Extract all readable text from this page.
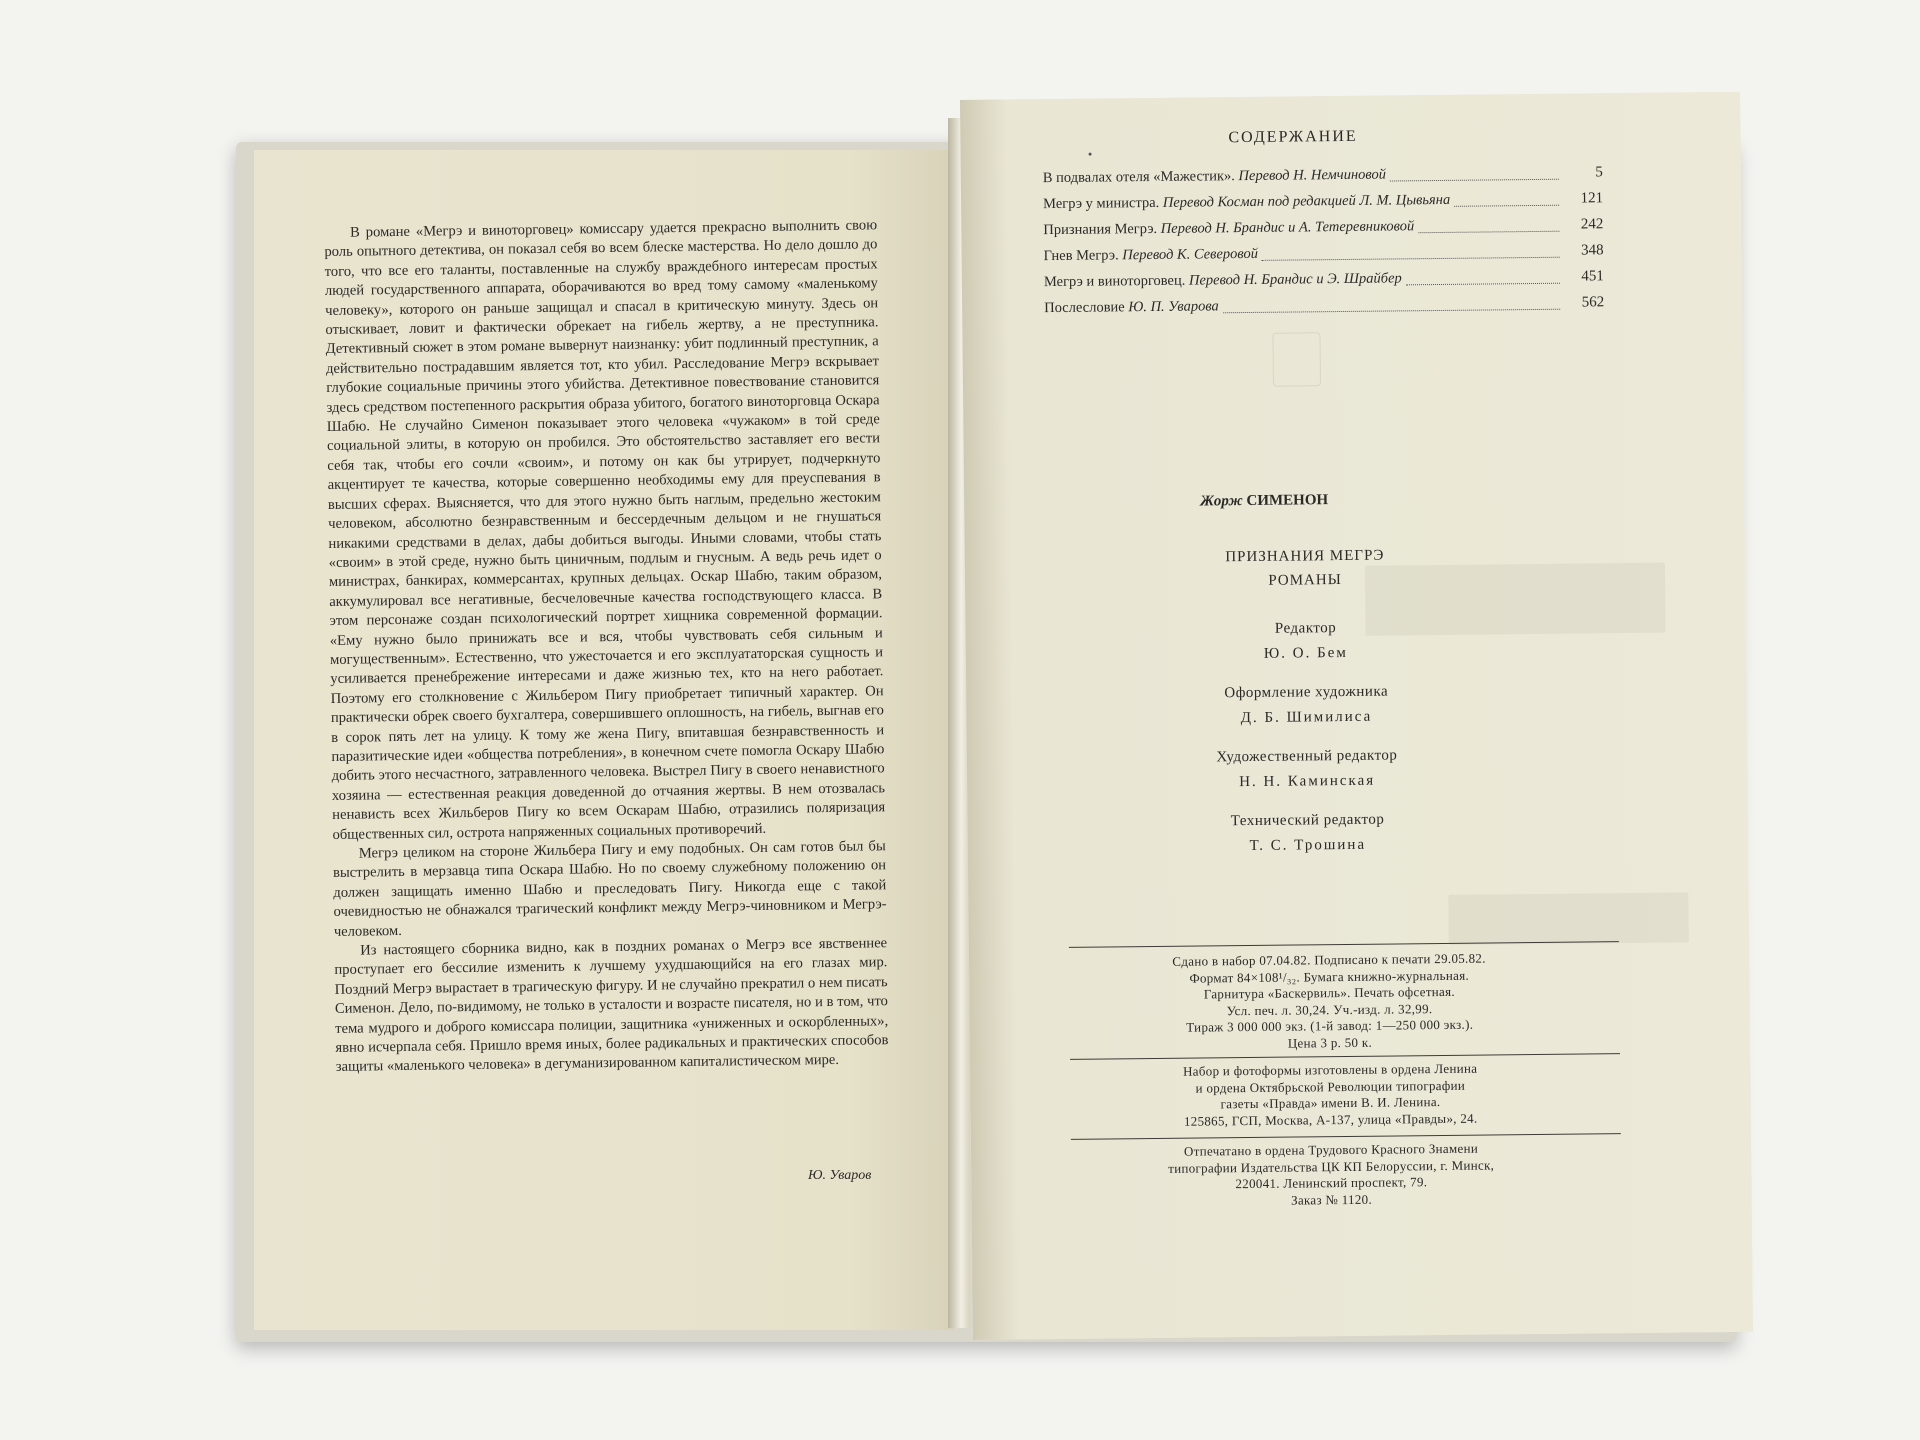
В романе «Мегрэ и виноторговец» комиссару удается прекрасно выполнить свою роль опытного детектива, он показал себя во всем блеске мастерства. Но дело дошло до того, что все его таланты, поставленные на службу враждебного интересам простых людей государственного аппарата, оборачиваются во вред тому самому «маленькому человеку», которого он раньше защищал и спасал в критическую минуту. Здесь он отыскивает, ловит и фактически обрекает на гибель жертву, а не преступника. Детективный сюжет в этом романе вывернут наизнанку: убит подлинный преступник, а действительно пострадавшим является тот, кто убил. Расследование Мегрэ вскрывает глубокие социальные причины этого убийства. Детективное повествование становится здесь средством постепенного раскрытия образа убитого, богатого виноторговца Оскара Шабю. Не случайно Сименон показывает этого человека «чужаком» в той среде социальной элиты, в которую он пробился. Это обстоятельство заставляет его вести себя так, чтобы его сочли «своим», и потому он как бы утрирует, подчеркнуто акцентирует те качества, которые совершенно необходимы ему для преуспевания в высших сферах. Выясняется, что для этого нужно быть наглым, предельно жестоким человеком, абсолютно безнравственным и бессердечным дельцом и не гнушаться никакими средствами в делах, дабы добиться выгоды. Иными словами, чтобы стать «своим» в этой среде, нужно быть циничным, подлым и гнусным. А ведь речь идет о министрах, банкирах, коммерсантах, крупных дельцах. Оскар Шабю, таким образом, аккумулировал все негативные, бесчеловечные качества господствующего класса. В этом персонаже создан психологический портрет хищника современной формации. «Ему нужно было принижать все и вся, чтобы чувствовать себя сильным и могущественным». Естественно, что ужесточается и его эксплуататорская сущность и усиливается пренебрежение интересами и даже жизнью тех, кто на него работает. Поэтому его столкновение с Жильбером Пигу приобретает типичный характер. Он практически обрек своего бухгалтера, совершившего оплошность, на гибель, выгнав его в сорок пять лет на улицу. К тому же жена Пигу, впитавшая безнравственность и паразитические идеи «общества потребления», в конечном счете помогла Оскару Шабю добить этого несчастного, затравленного человека. Выстрел Пигу в своего ненавистного хозяина — естественная реакция доведенной до отчаяния жертвы. В нем отозвалась ненависть всех Жильберов Пигу ко всем Оскарам Шабю, отразились поляризация общественных сил, острота напряженных социальных противоречий.

Мегрэ целиком на стороне Жильбера Пигу и ему подобных. Он сам готов был бы выстрелить в мерзавца типа Оскара Шабю. Но по своему служебному положению он должен защищать именно Шабю и преследовать Пигу. Никогда еще с такой очевидностью не обнажался трагический конфликт между Мегрэ-чиновником и Мегрэ-человеком.

Из настоящего сборника видно, как в поздних романах о Мегрэ все явственнее проступает его бессилие изменить к лучшему ухудшающийся на его глазах мир. Поздний Мегрэ вырастает в трагическую фигуру. И не случайно прекратил о нем писать Сименон. Дело, по-видимому, не только в усталости и возрасте писателя, но и в том, что тема мудрого и доброго комиссара полиции, защитника «униженных и оскорбленных», явно исчерпала себя. Пришло время иных, более радикальных и практических способов защиты «маленького человека» в дегуманизированном капиталистическом мире.

Ю. Уваров
СОДЕРЖАНИЕ
В подвалах отеля «Мажестик». Перевод Н. Немчиновой	5
Мегрэ у министра. Перевод Косман под редакцией Л. М. Цывьяна	121
Признания Мегрэ. Перевод Н. Брандис и А. Тетеревниковой	242
Гнев Мегрэ. Перевод К. Северовой	348
Мегрэ и виноторговец. Перевод Н. Брандис и Э. Шрайбер	451
Послесловие Ю. П. Уварова	562
Жорж СИМЕНОН
ПРИЗНАНИЯ МЕГРЭ
РОМАНЫ
Редактор
Ю. О. Бем
Оформление художника
Д. Б. Шимилиса
Художественный редактор
Н. Н. Каминская
Технический редактор
Т. С. Трошина
Сдано в набор 07.04.82. Подписано к печати 29.05.82.
Формат 84×108¹/₃₂. Бумага книжно-журнальная.
Гарнитура «Баскервиль». Печать офсетная.
Усл. печ. л. 30,24. Уч.-изд. л. 32,99.
Тираж 3 000 000 экз. (1-й завод: 1—250 000 экз.).
Цена 3 р. 50 к.
Набор и фотоформы изготовлены в ордена Ленина
и ордена Октябрьской Революции типографии
газеты «Правда» имени В. И. Ленина.
125865, ГСП, Москва, А-137, улица «Правды», 24.
Отпечатано в ордена Трудового Красного Знамени
типографии Издательства ЦК КП Белоруссии, г. Минск,
220041. Ленинский проспект, 79.
Заказ № 1120.
